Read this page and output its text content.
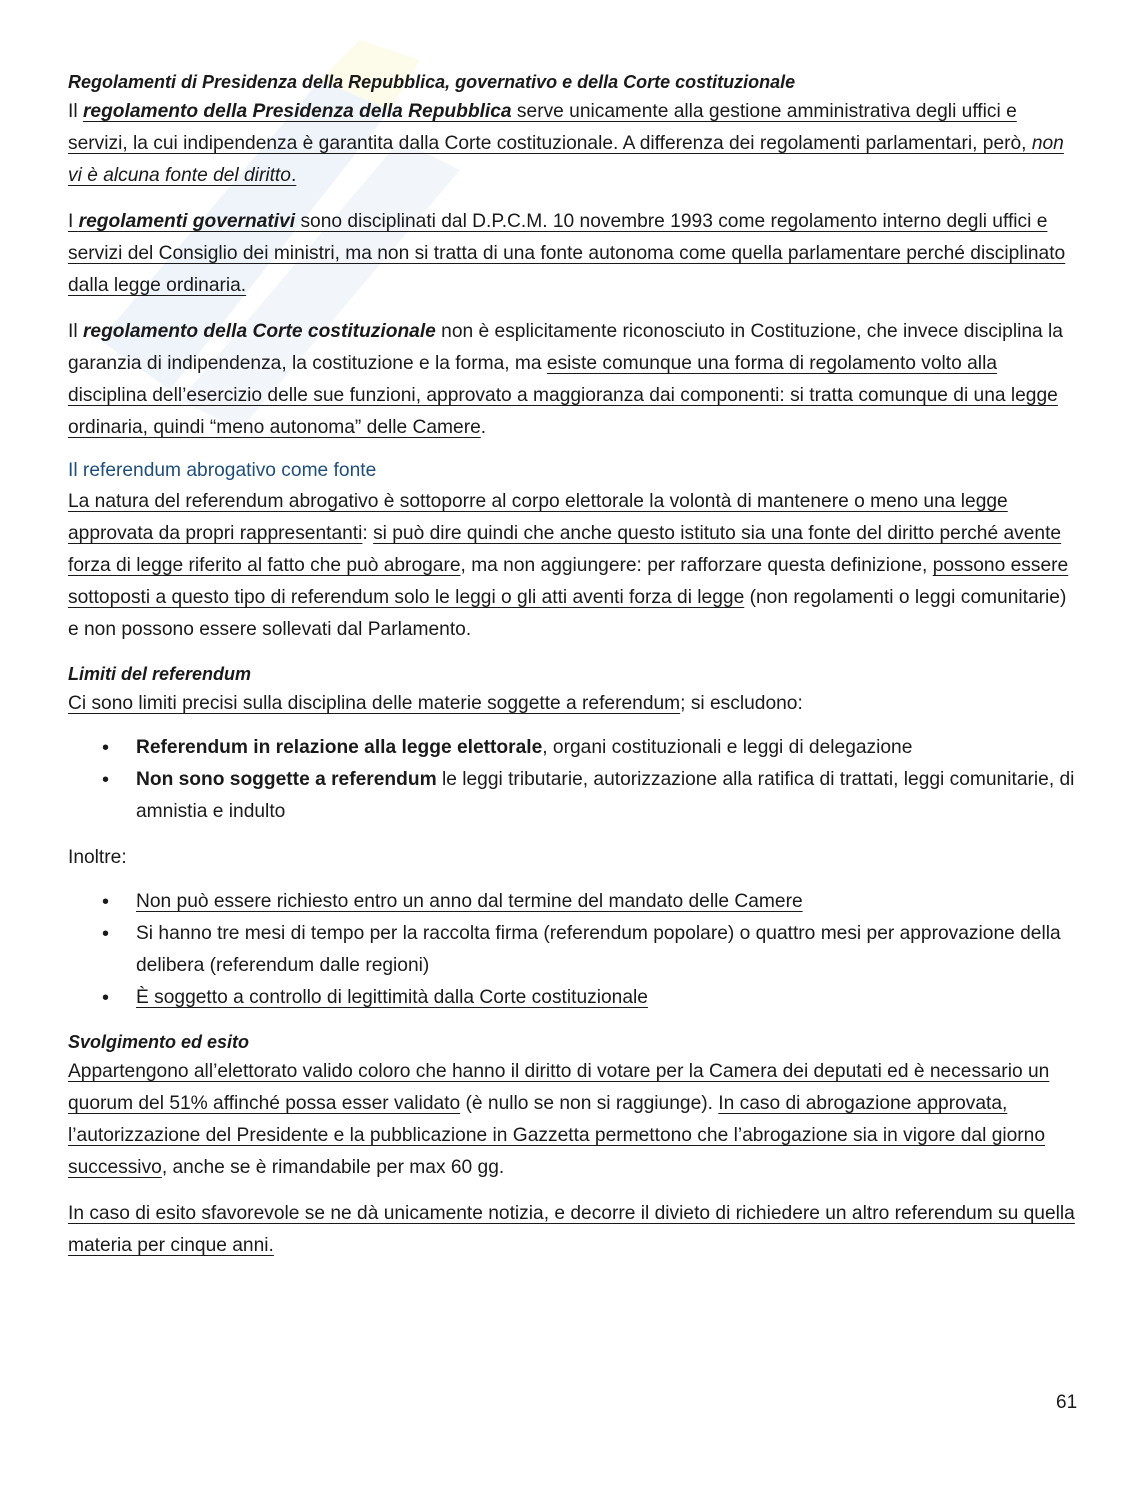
Regolamenti di Presidenza della Repubblica, governativo e della Corte costituzionale

Il regolamento della Presidenza della Repubblica serve unicamente alla gestione amministrativa degli uffici e servizi, la cui indipendenza è garantita dalla Corte costituzionale. A differenza dei regolamenti parlamentari, però, non vi è alcuna fonte del diritto.

I regolamenti governativi sono disciplinati dal D.P.C.M. 10 novembre 1993 come regolamento interno degli uffici e servizi del Consiglio dei ministri, ma non si tratta di una fonte autonoma come quella parlamentare perché disciplinato dalla legge ordinaria.

Il regolamento della Corte costituzionale non è esplicitamente riconosciuto in Costituzione, che invece disciplina la garanzia di indipendenza, la costituzione e la forma, ma esiste comunque una forma di regolamento volto alla disciplina dell’esercizio delle sue funzioni, approvato a maggioranza dai componenti: si tratta comunque di una legge ordinaria, quindi “meno autonoma” delle Camere.

Il referendum abrogativo come fonte

La natura del referendum abrogativo è sottoporre al corpo elettorale la volontà di mantenere o meno una legge approvata da propri rappresentanti: si può dire quindi che anche questo istituto sia una fonte del diritto perché avente forza di legge riferito al fatto che può abrogare, ma non aggiungere: per rafforzare questa definizione, possono essere sottoposti a questo tipo di referendum solo le leggi o gli atti aventi forza di legge (non regolamenti o leggi comunitarie) e non possono essere sollevati dal Parlamento.

Limiti del referendum

Ci sono limiti precisi sulla disciplina delle materie soggette a referendum; si escludono:

• Referendum in relazione alla legge elettorale, organi costituzionali e leggi di delegazione
• Non sono soggette a referendum le leggi tributarie, autorizzazione alla ratifica di trattati, leggi comunitarie, di amnistia e indulto

Inoltre:

• Non può essere richiesto entro un anno dal termine del mandato delle Camere
• Si hanno tre mesi di tempo per la raccolta firma (referendum popolare) o quattro mesi per approvazione della delibera (referendum dalle regioni)
• È soggetto a controllo di legittimità dalla Corte costituzionale

Svolgimento ed esito

Appartengono all’elettorato valido coloro che hanno il diritto di votare per la Camera dei deputati ed è necessario un quorum del 51% affinché possa esser validato (è nullo se non si raggiunge). In caso di abrogazione approvata, l’autorizzazione del Presidente e la pubblicazione in Gazzetta permettono che l’abrogazione sia in vigore dal giorno successivo, anche se è rimandabile per max 60 gg.

In caso di esito sfavorevole se ne dà unicamente notizia, e decorre il divieto di richiedere un altro referendum su quella materia per cinque anni.

61
